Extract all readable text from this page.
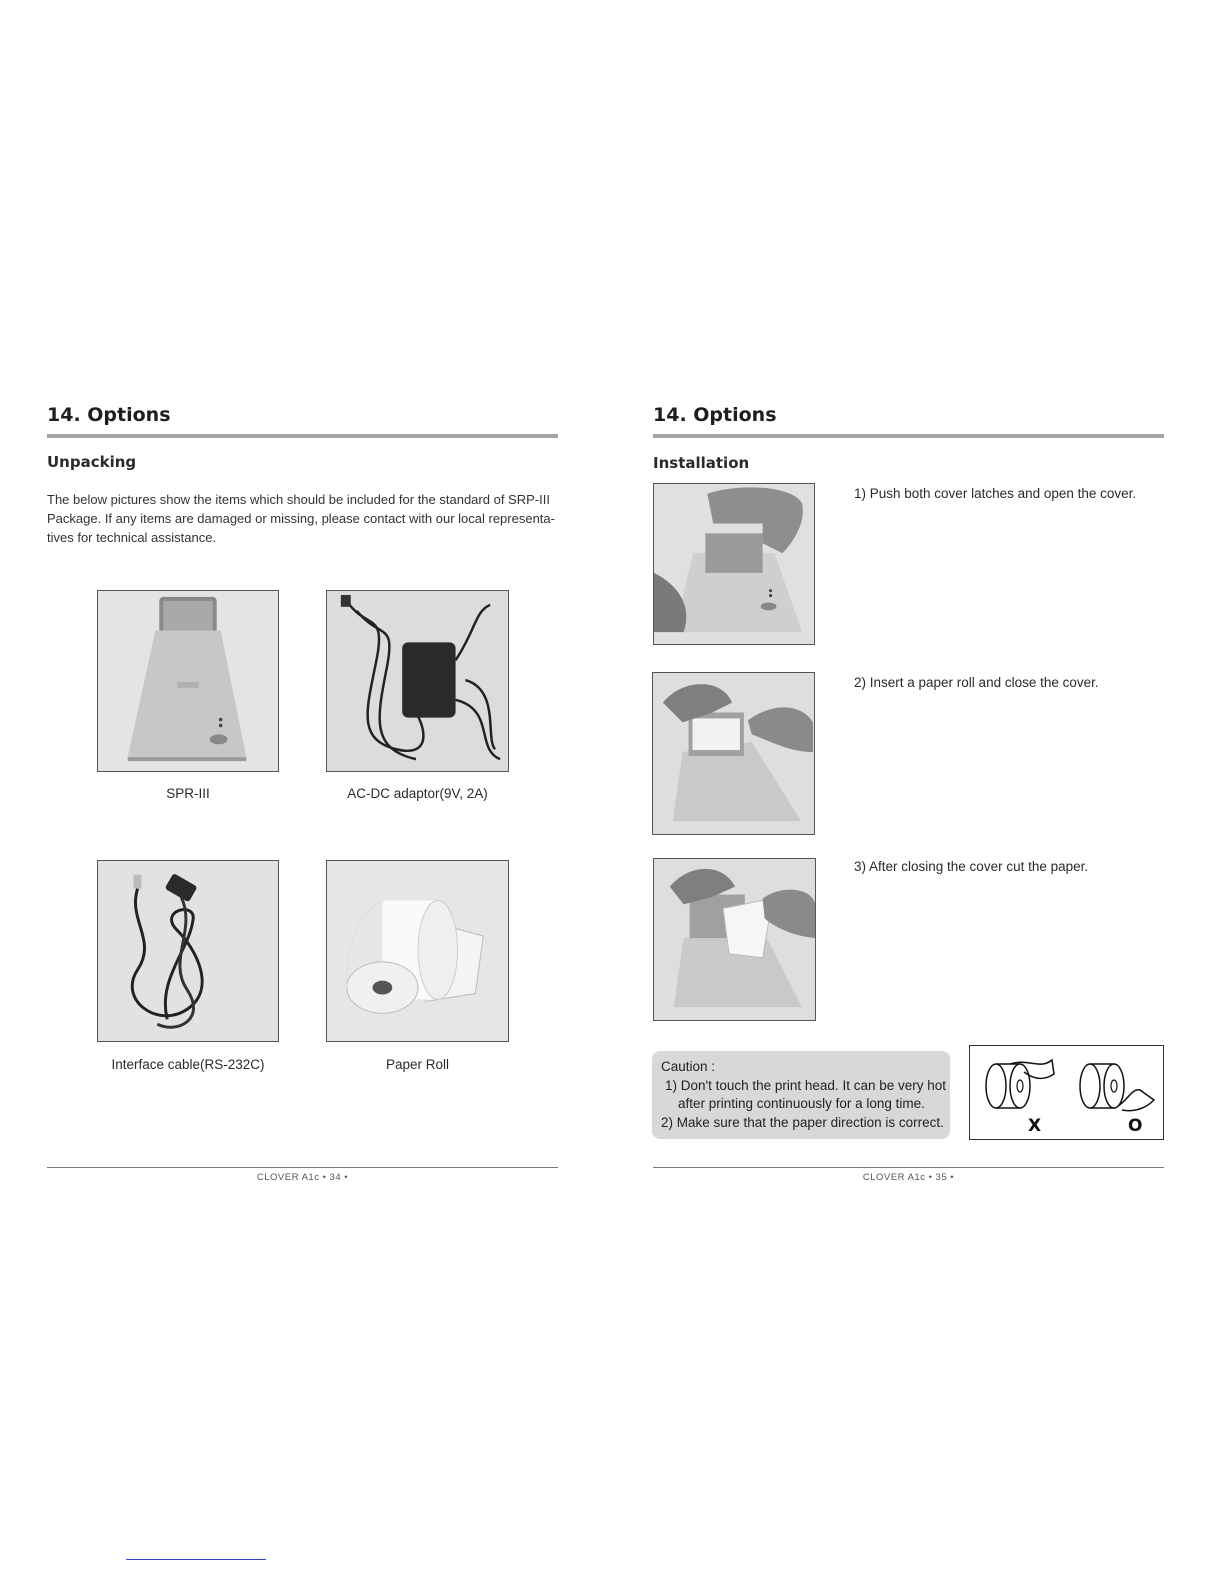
14. Options
Unpacking
The below pictures show the items which should be included for the standard of SRP-III
Package. If any items are damaged or missing, please contact with our local representa-
tives for technical assistance.
SPR-III	AC-DC adaptor(9V, 2A)
Interface cable(RS-232C)	Paper Roll
CLOVER A1c • 34 •
14. Options
Installation
1) Push both cover latches and open the cover.
2) Insert a paper roll and close the cover.
3) After closing the cover cut the paper.
Caution :
1) Don't touch the print head. It can be very hot
after printing continuously for a long time.
2) Make sure that the paper direction is correct.	X	O
CLOVER A1c • 35 •
